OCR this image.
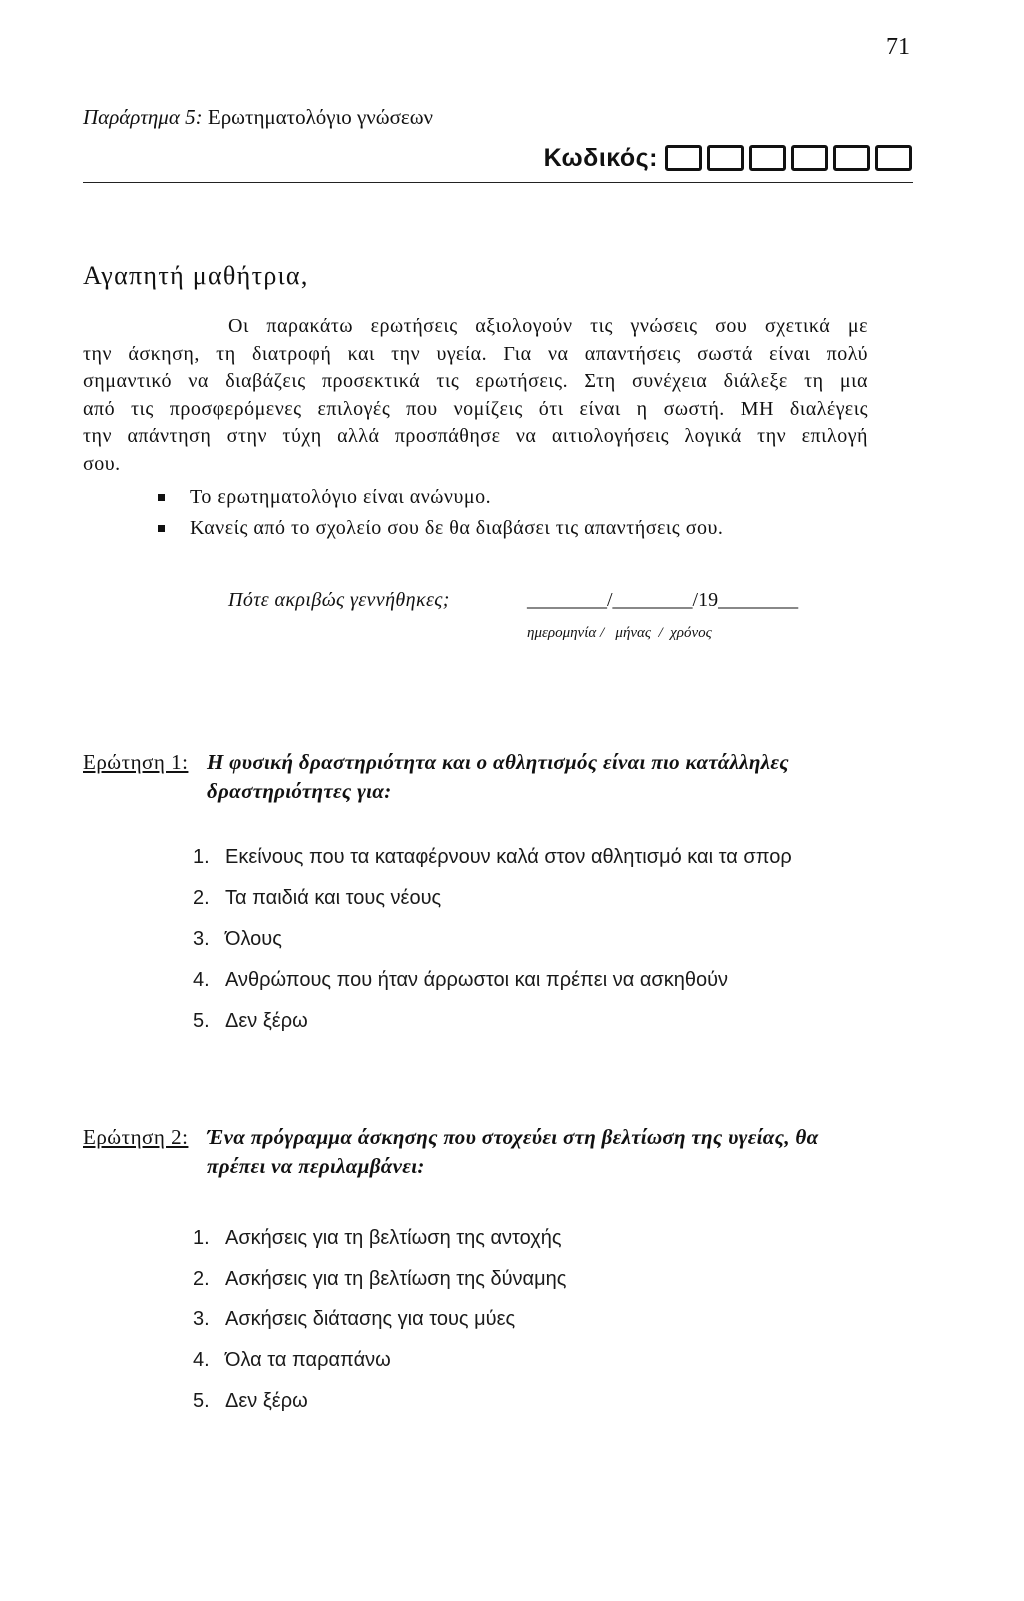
71
Παράρτημα 5: Ερωτηματολόγιο γνώσεων
Κωδικός:
Αγαπητή μαθήτρια,
Οι παρακάτω ερωτήσεις αξιολογούν τις γνώσεις σου σχετικά με
την άσκηση, τη διατροφή και την υγεία. Για να απαντήσεις σωστά είναι πολύ
σημαντικό να διαβάζεις προσεκτικά τις ερωτήσεις. Στη συνέχεια διάλεξε τη μια
από τις προσφερόμενες επιλογές που νομίζεις ότι είναι η σωστή. ΜΗ διαλέγεις
την απάντηση στην τύχη αλλά προσπάθησε να αιτιολογήσεις λογικά την επιλογή
σου.
Το ερωτηματολόγιο είναι ανώνυμο.
Κανείς από το σχολείο σου δε θα διαβάσει τις απαντήσεις σου.
Πότε ακριβώς γεννήθηκες;	________/________/19________
ημερομηνία /   μήνας  /  χρόνος
Ερώτηση 1: Η φυσική δραστηριότητα και ο αθλητισμός είναι πιο κατάλληλες
δραστηριότητες για:
1. Εκείνους που τα καταφέρνουν καλά στον αθλητισμό και τα σπορ
2. Τα παιδιά και τους νέους
3. Όλους
4. Ανθρώπους που ήταν άρρωστοι και πρέπει να ασκηθούν
5. Δεν ξέρω
Ερώτηση 2: Ένα πρόγραμμα άσκησης που στοχεύει στη βελτίωση της υγείας, θα
πρέπει να περιλαμβάνει:
1. Ασκήσεις για τη βελτίωση της αντοχής
2. Ασκήσεις για τη βελτίωση της δύναμης
3. Ασκήσεις διάτασης για τους μύες
4. Όλα τα παραπάνω
5. Δεν ξέρω
